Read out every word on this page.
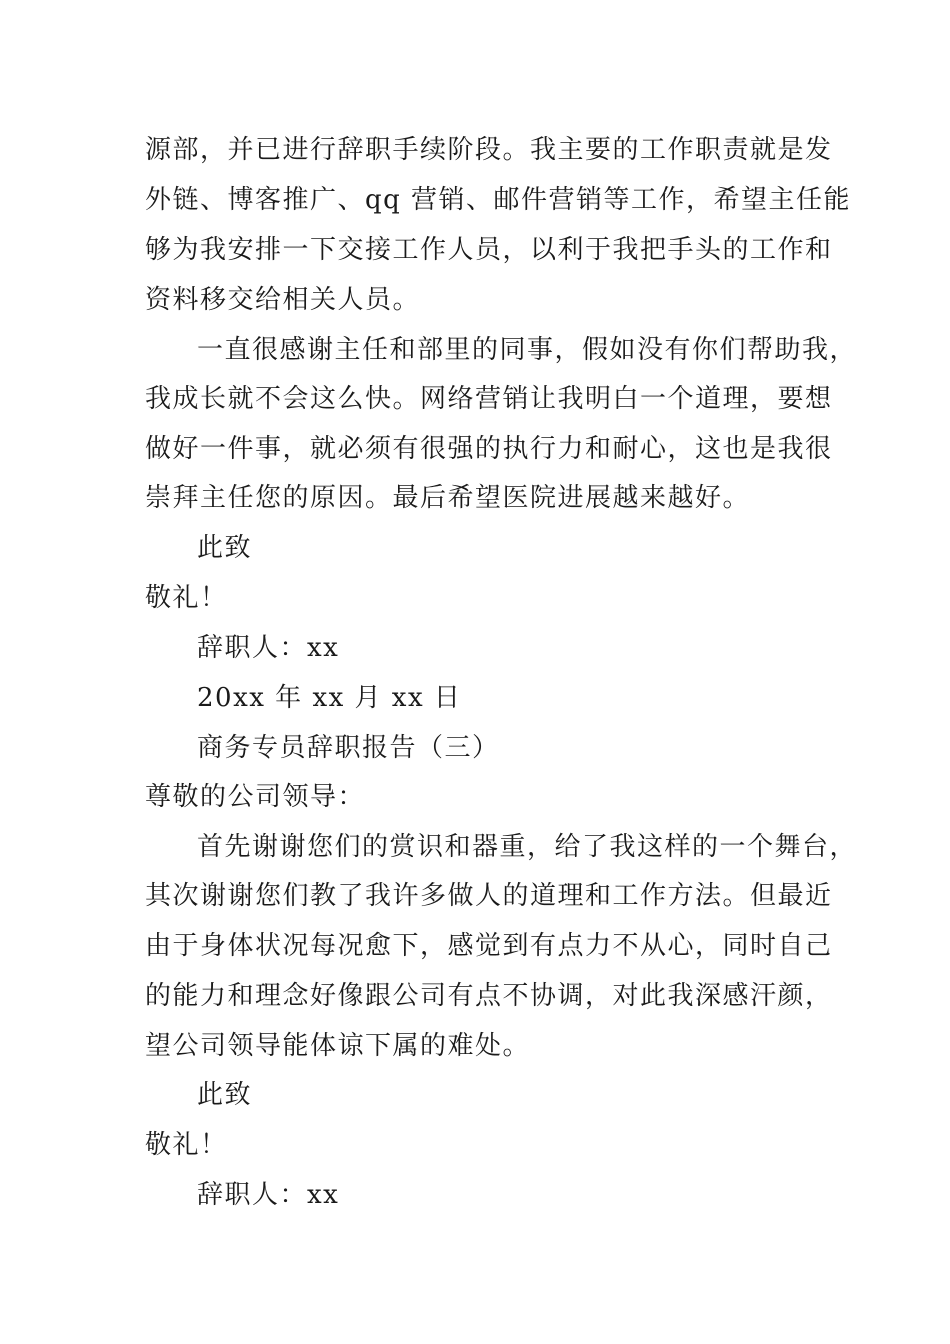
源部，并已进行辞职手续阶段。我主要的工作职责就是发
外链、博客推广、qq 营销、邮件营销等工作，希望主任能
够为我安排一下交接工作人员，以利于我把手头的工作和
资料移交给相关人员。
一直很感谢主任和部里的同事，假如没有你们帮助我，
我成长就不会这么快。网络营销让我明白一个道理，要想
做好一件事，就必须有很强的执行力和耐心，这也是我很
崇拜主任您的原因。最后希望医院进展越来越好。
此致
敬礼！
辞职人：xx
20xx 年 xx 月 xx 日
商务专员辞职报告（三）
尊敬的公司领导：
首先谢谢您们的赏识和器重，给了我这样的一个舞台，
其次谢谢您们教了我许多做人的道理和工作方法。但最近
由于身体状况每况愈下，感觉到有点力不从心，同时自己
的能力和理念好像跟公司有点不协调，对此我深感汗颜，
望公司领导能体谅下属的难处。
此致
敬礼！
辞职人：xx
